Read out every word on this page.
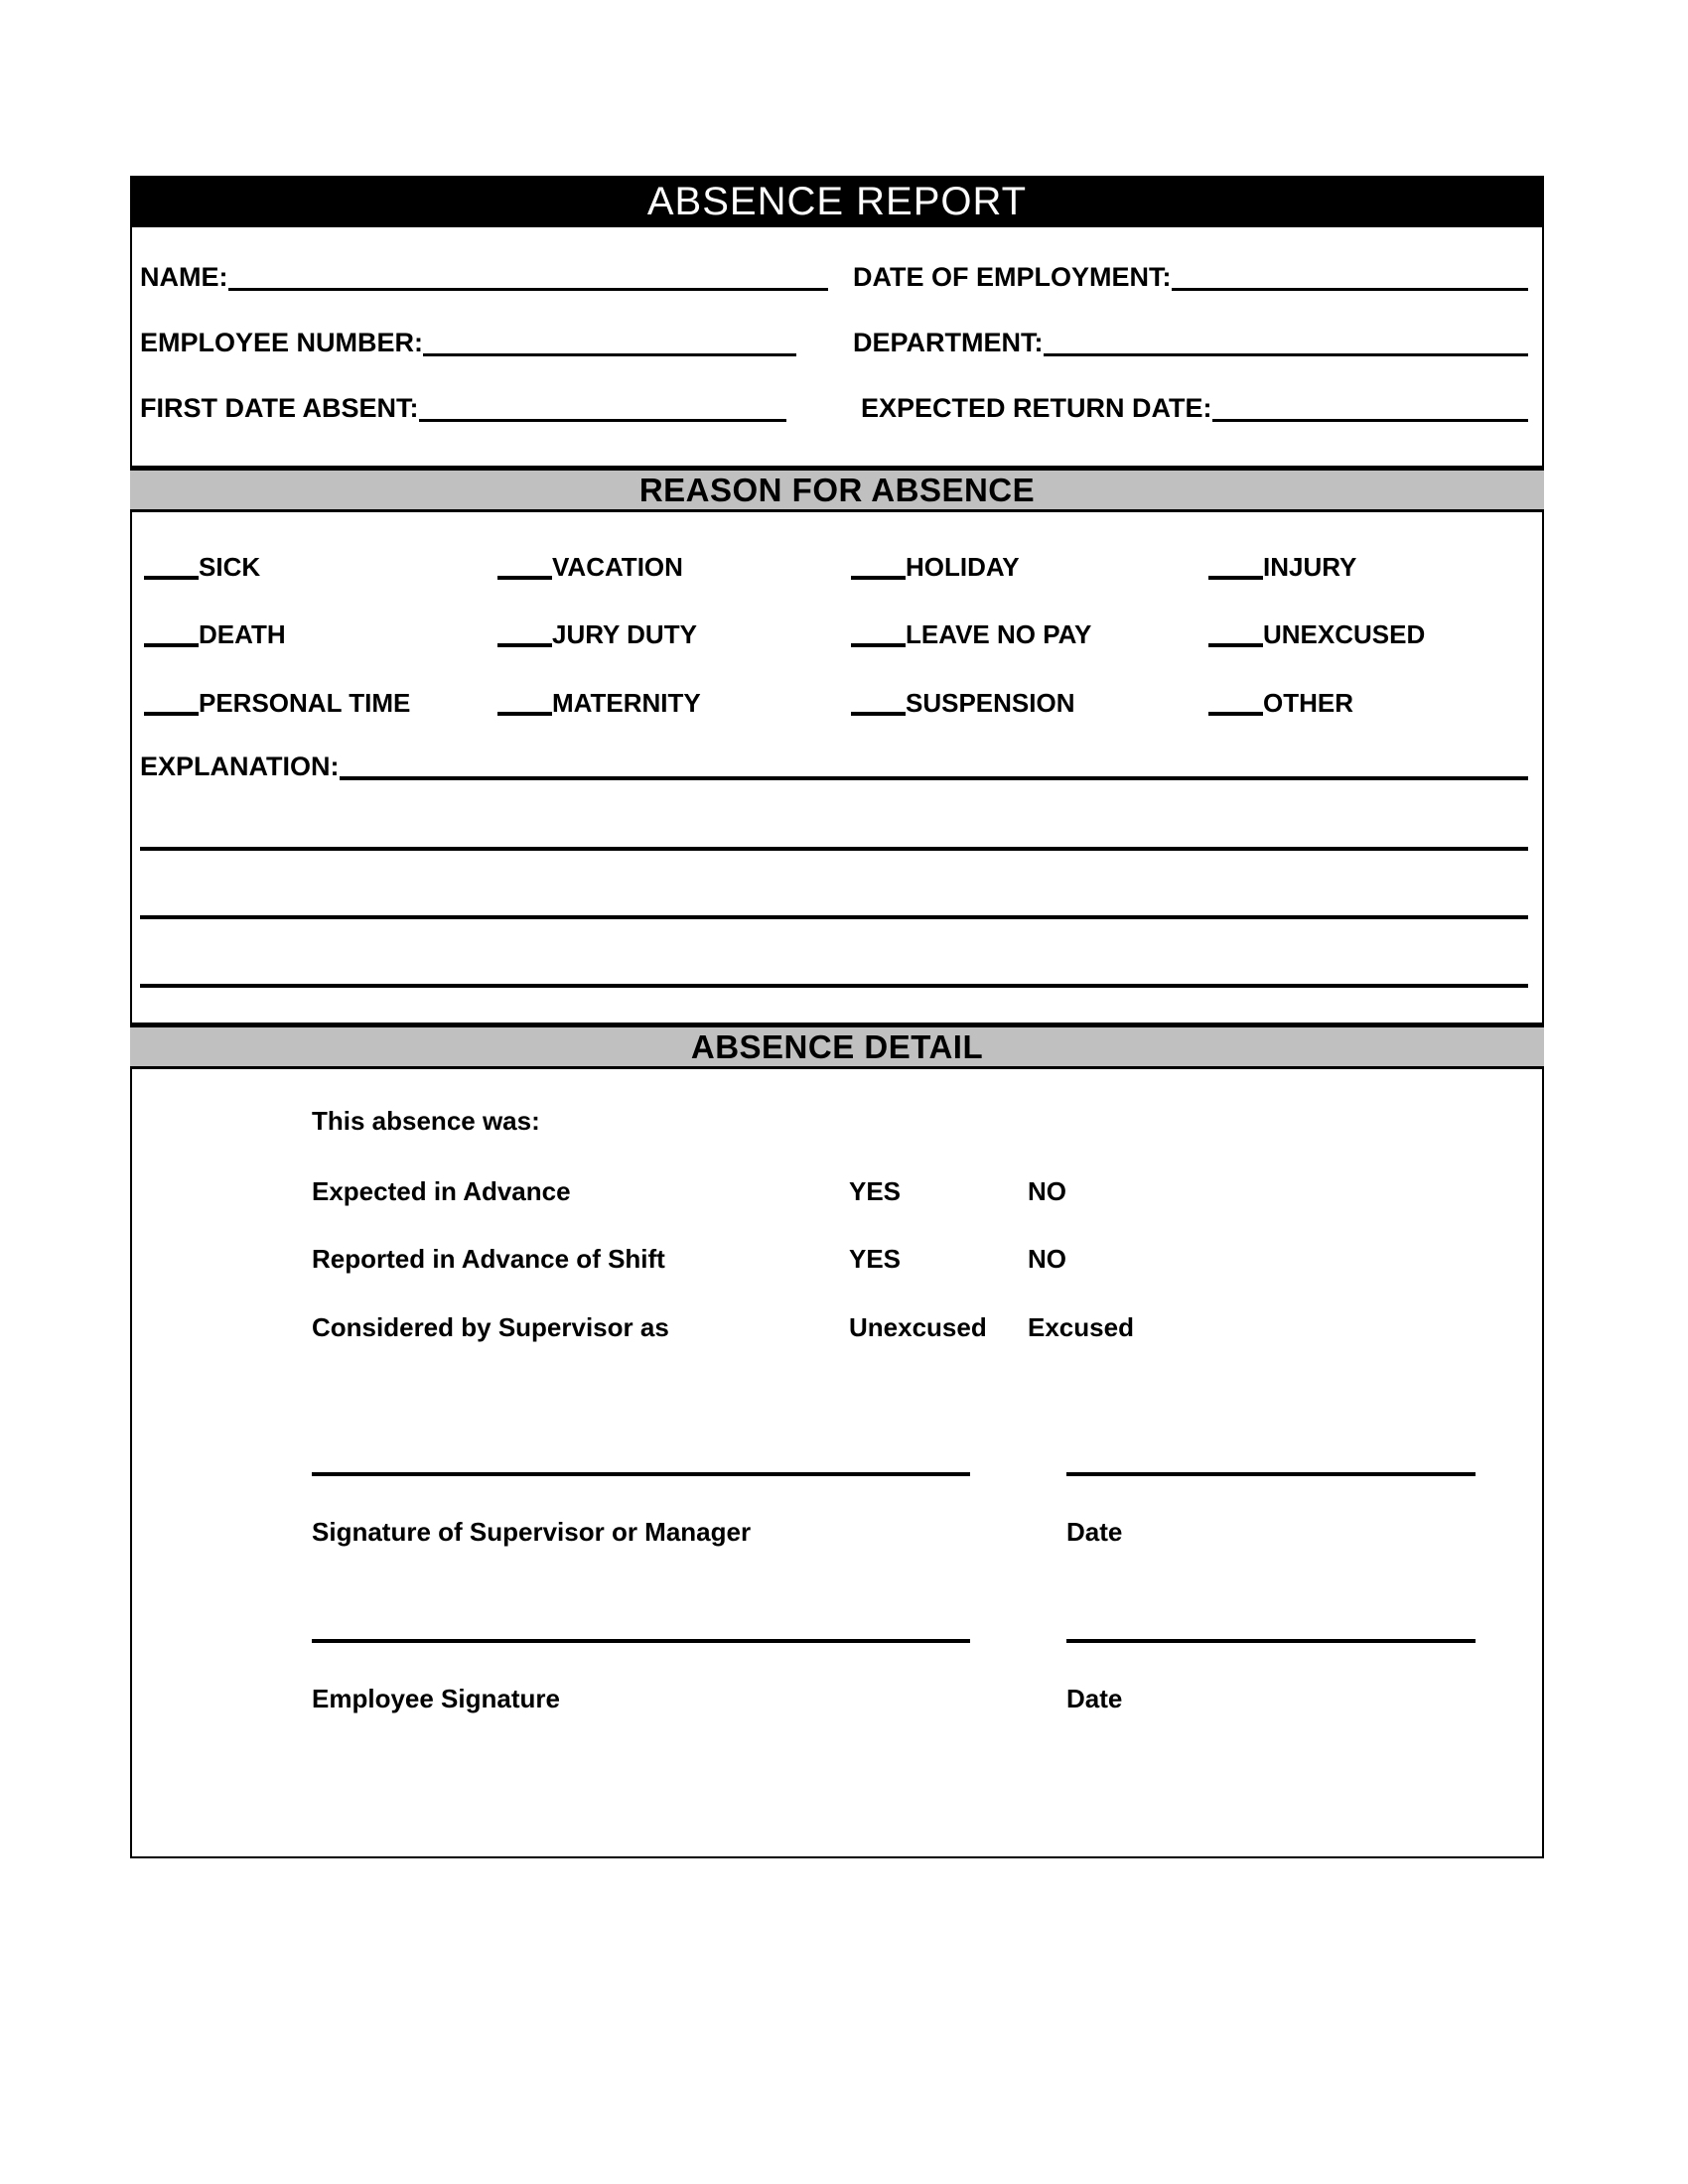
ABSENCE REPORT
NAME:	DATE OF EMPLOYMENT:
EMPLOYEE NUMBER:	DEPARTMENT:
FIRST DATE ABSENT:	EXPECTED RETURN DATE:
REASON FOR ABSENCE
SICK	VACATION	HOLIDAY	INJURY
DEATH	JURY DUTY	LEAVE NO PAY	UNEXCUSED
PERSONAL TIME	MATERNITY	SUSPENSION	OTHER
EXPLANATION:
ABSENCE DETAIL
This absence was:
Expected in Advance	YES	NO
Reported in Advance of Shift	YES	NO
Considered by Supervisor as	Unexcused Excused
Signature of Supervisor or Manager	Date
Employee Signature	Date
